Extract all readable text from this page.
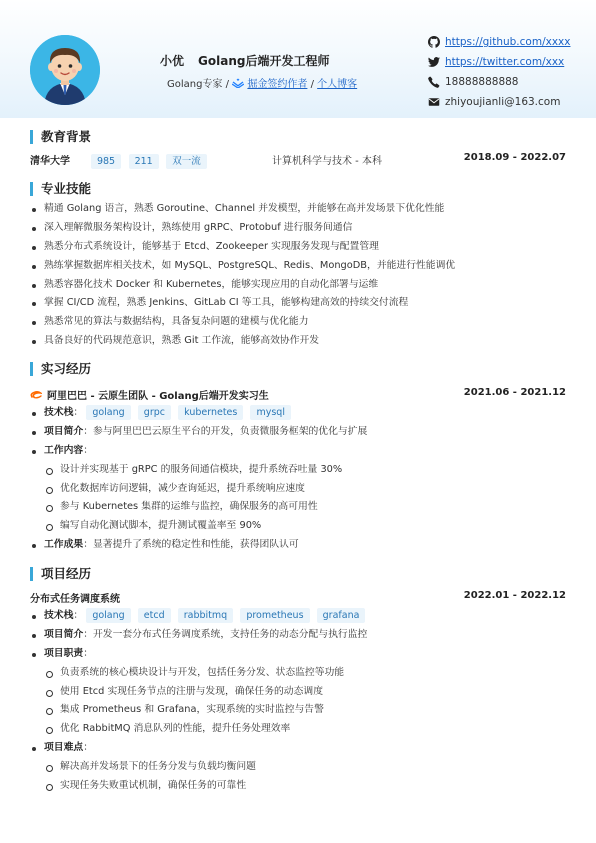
小优 Golang后端开发工程师
Golang专家 / 掘金签约作者 / 个人博客
https://github.com/xxxx
https://twitter.com/xxx
18888888888
zhiyoujianli@163.com
教育背景
清华大学	985 211 双一流	计算机科学与技术 - 本科	2018.09 - 2022.07
专业技能
精通 Golang 语言，熟悉 Goroutine、Channel 并发模型，并能够在高并发场景下优化性能
深入理解微服务架构设计，熟练使用 gRPC、Protobuf 进行服务间通信
熟悉分布式系统设计，能够基于 Etcd、Zookeeper 实现服务发现与配置管理
熟练掌握数据库相关技术，如 MySQL、PostgreSQL、Redis、MongoDB，并能进行性能调优
熟悉容器化技术 Docker 和 Kubernetes，能够实现应用的自动化部署与运维
掌握 CI/CD 流程，熟悉 Jenkins、GitLab CI 等工具，能够构建高效的持续交付流程
熟悉常见的算法与数据结构，具备复杂问题的建模与优化能力
具备良好的代码规范意识，熟悉 Git 工作流，能够高效协作开发
实习经历
阿里巴巴 - 云原生团队 - Golang后端开发实习生	2021.06 - 2021.12
技术栈： golang grpc kubernetes mysql
项目简介：参与阿里巴巴云原生平台的开发，负责微服务框架的优化与扩展
工作内容：
设计并实现基于 gRPC 的服务间通信模块，提升系统吞吐量 30%
优化数据库访问逻辑，减少查询延迟，提升系统响应速度
参与 Kubernetes 集群的运维与监控，确保服务的高可用性
编写自动化测试脚本，提升测试覆盖率至 90%
工作成果：显著提升了系统的稳定性和性能，获得团队认可
项目经历
分布式任务调度系统	2022.01 - 2022.12
技术栈： golang etcd rabbitmq prometheus grafana
项目简介：开发一套分布式任务调度系统，支持任务的动态分配与执行监控
项目职责：
负责系统的核心模块设计与开发，包括任务分发、状态监控等功能
使用 Etcd 实现任务节点的注册与发现，确保任务的动态调度
集成 Prometheus 和 Grafana，实现系统的实时监控与告警
优化 RabbitMQ 消息队列的性能，提升任务处理效率
项目难点：
解决高并发场景下的任务分发与负载均衡问题
实现任务失败重试机制，确保任务的可靠性
